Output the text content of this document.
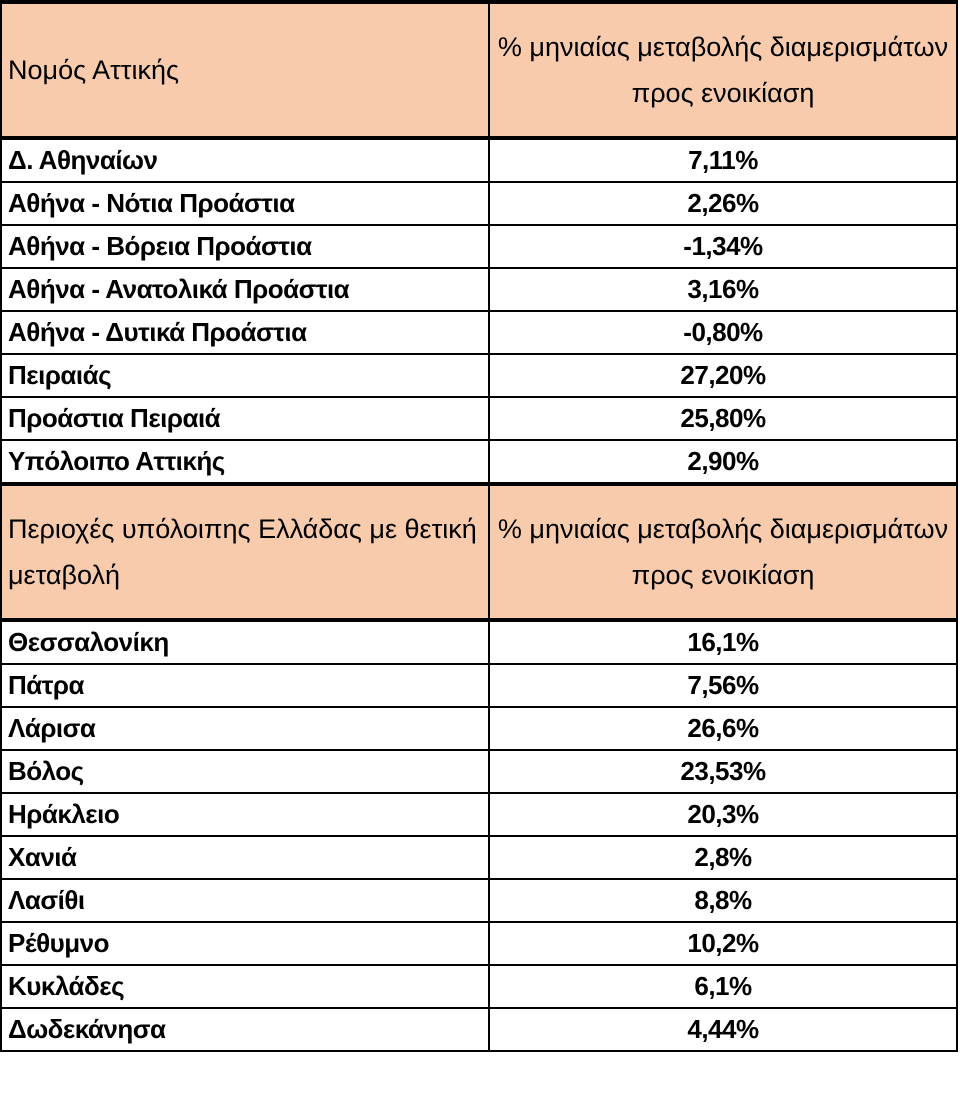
Νομός Αττικής	% μηνιαίας μεταβολής διαμερισμάτων προς ενοικίαση
Δ. Αθηναίων	7,11%
Αθήνα - Νότια Προάστια	2,26%
Αθήνα - Βόρεια Προάστια	-1,34%
Αθήνα - Ανατολικά Προάστια	3,16%
Αθήνα - Δυτικά Προάστια	-0,80%
Πειραιάς	27,20%
Προάστια Πειραιά	25,80%
Υπόλοιπο Αττικής	2,90%
Περιοχές υπόλοιπης Ελλάδας με θετική μεταβολή	% μηνιαίας μεταβολής διαμερισμάτων προς ενοικίαση
Θεσσαλονίκη	16,1%
Πάτρα	7,56%
Λάρισα	26,6%
Βόλος	23,53%
Ηράκλειο	20,3%
Χανιά	2,8%
Λασίθι	8,8%
Ρέθυμνο	10,2%
Κυκλάδες	6,1%
Δωδεκάνησα	4,44%
